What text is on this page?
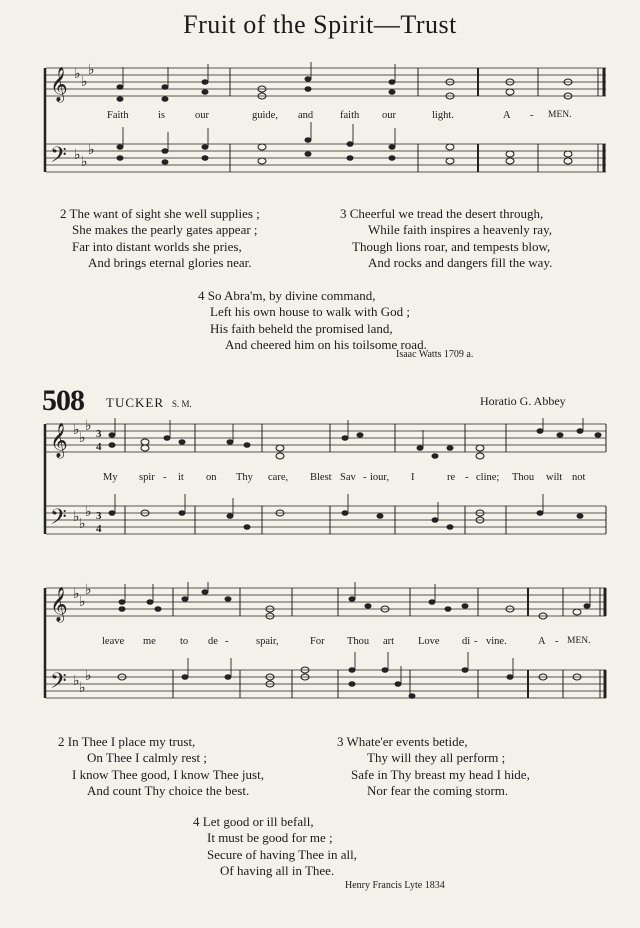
Fruit of the Spirit—Trust
𝄞
𝄢
♭ ♭
♭
♭ ♭
♭
Faith	is	our	guide, and	faith our	light.	A - MEN.
2 The want of sight she well supplies ;
She makes the pearly gates appear ;
Far into distant worlds she pries,
And brings eternal glories near.
3 Cheerful we tread the desert through,
While faith inspires a heavenly ray,
Though lions roar, and tempests blow,
And rocks and dangers fill the way.
4 So Abra'm, by divine command,
Left his own house to walk with God ;
His faith beheld the promised land,
And cheered him on his toilsome road.
Isaac Watts 1709 a.
508 TUCKER S. M.	Horatio G. Abbey
𝄞
𝄢
♭ ♭
♭
♭ ♭
♭
3
4
3
4
My spir - it on Thy care, Blest Sav - iour, I	re - cline; Thou wilt not
𝄞
𝄢
♭ ♭
♭
♭ ♭
♭
leave me to de -	spair,	For Thou art Love di - vine.	A - MEN.
2 In Thee I place my trust,
On Thee I calmly rest ;
I know Thee good, I know Thee just,
And count Thy choice the best.
3 Whate'er events betide,
Thy will they all perform ;
Safe in Thy breast my head I hide,
Nor fear the coming storm.
4 Let good or ill befall,
It must be good for me ;
Secure of having Thee in all,
Of having all in Thee.
Henry Francis Lyte 1834
